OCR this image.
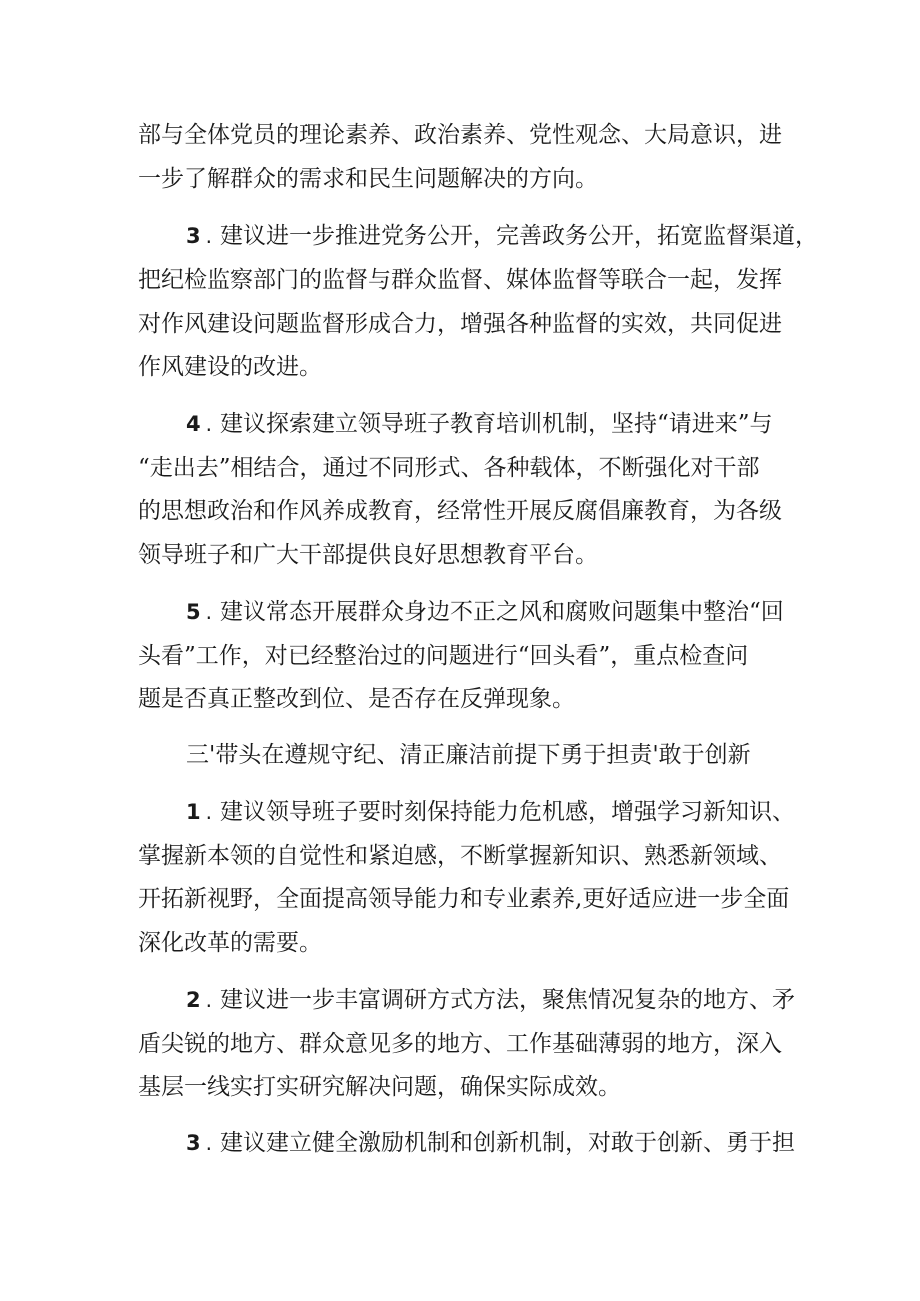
部与全体党员的理论素养、政治素养、党性观念、大局意识，进
一步了解群众的需求和民生问题解决的方向。
3 . 建议进一步推进党务公开，完善政务公开，拓宽监督渠道，
把纪检监察部门的监督与群众监督、媒体监督等联合一起，发挥
对作风建设问题监督形成合力，增强各种监督的实效，共同促进
作风建设的改进。
4 . 建议探索建立领导班子教育培训机制，坚持“请进来”与
“走出去”相结合，通过不同形式、各种载体，不断强化对干部
的思想政治和作风养成教育，经常性开展反腐倡廉教育，为各级
领导班子和广大干部提供良好思想教育平台。
5 . 建议常态开展群众身边不正之风和腐败问题集中整治“回
头看”工作，对已经整治过的问题进行“回头看”，重点检查问
题是否真正整改到位、是否存在反弹现象。
三'带头在遵规守纪、清正廉洁前提下勇于担责'敢于创新
1 . 建议领导班子要时刻保持能力危机感，增强学习新知识、
掌握新本领的自觉性和紧迫感，不断掌握新知识、熟悉新领域、
开拓新视野，全面提高领导能力和专业素养,更好适应进一步全面
深化改革的需要。
2 . 建议进一步丰富调研方式方法，聚焦情况复杂的地方、矛
盾尖锐的地方、群众意见多的地方、工作基础薄弱的地方，深入
基层一线实打实研究解决问题，确保实际成效。
3 . 建议建立健全激励机制和创新机制，对敢于创新、勇于担
